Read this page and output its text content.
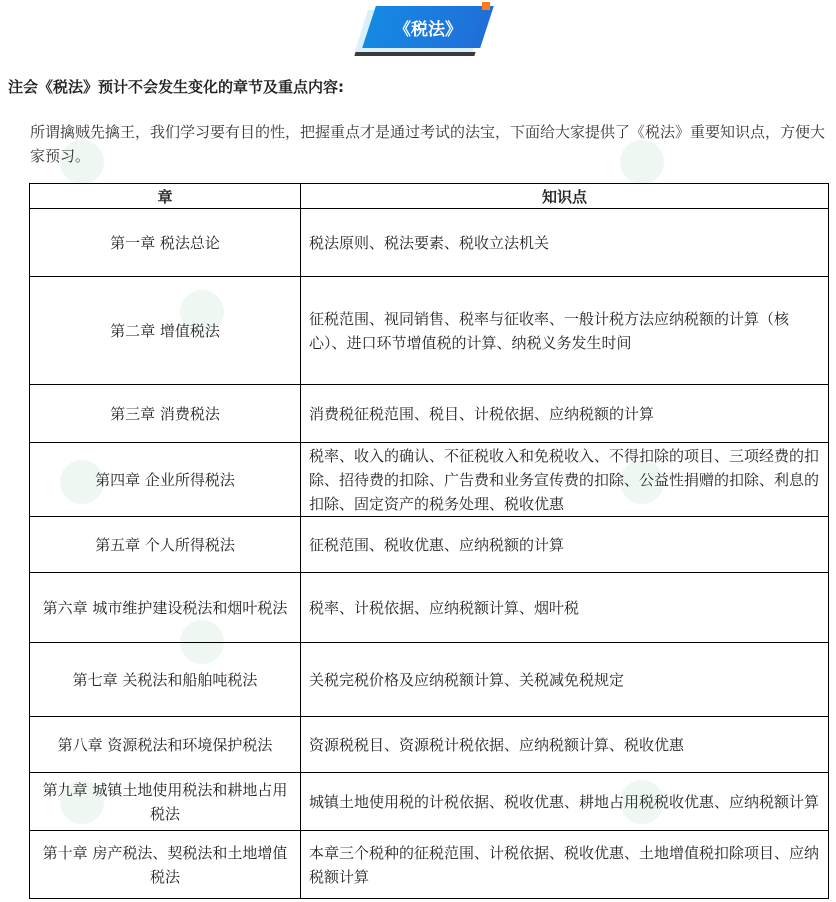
《税法》
注会《税法》预计不会发生变化的章节及重点内容:
所谓擒贼先擒王，我们学习要有目的性，把握重点才是通过考试的法宝，下面给大家提供了《税法》重要知识点，方便大家预习。
章	知识点
第一章 税法总论	税法原则、税法要素、税收立法机关
第二章 增值税法	征税范围、视同销售、税率与征收率、一般计税方法应纳税额的计算（核心）、进口环节增值税的计算、纳税义务发生时间
第三章 消费税法	消费税征税范围、税目、计税依据、应纳税额的计算
第四章 企业所得税法	税率、收入的确认、不征税收入和免税收入、不得扣除的项目、三项经费的扣除、招待费的扣除、广告费和业务宣传费的扣除、公益性捐赠的扣除、利息的扣除、固定资产的税务处理、税收优惠
第五章 个人所得税法	征税范围、税收优惠、应纳税额的计算
第六章 城市维护建设税法和烟叶税法	税率、计税依据、应纳税额计算、烟叶税
第七章 关税法和船舶吨税法	关税完税价格及应纳税额计算、关税减免税规定
第八章 资源税法和环境保护税法	资源税税目、资源税计税依据、应纳税额计算、税收优惠
第九章 城镇土地使用税法和耕地占用税法	城镇土地使用税的计税依据、税收优惠、耕地占用税税收优惠、应纳税额计算
第十章 房产税法、契税法和土地增值税法	本章三个税种的征税范围、计税依据、税收优惠、土地增值税扣除项目、应纳税额计算
